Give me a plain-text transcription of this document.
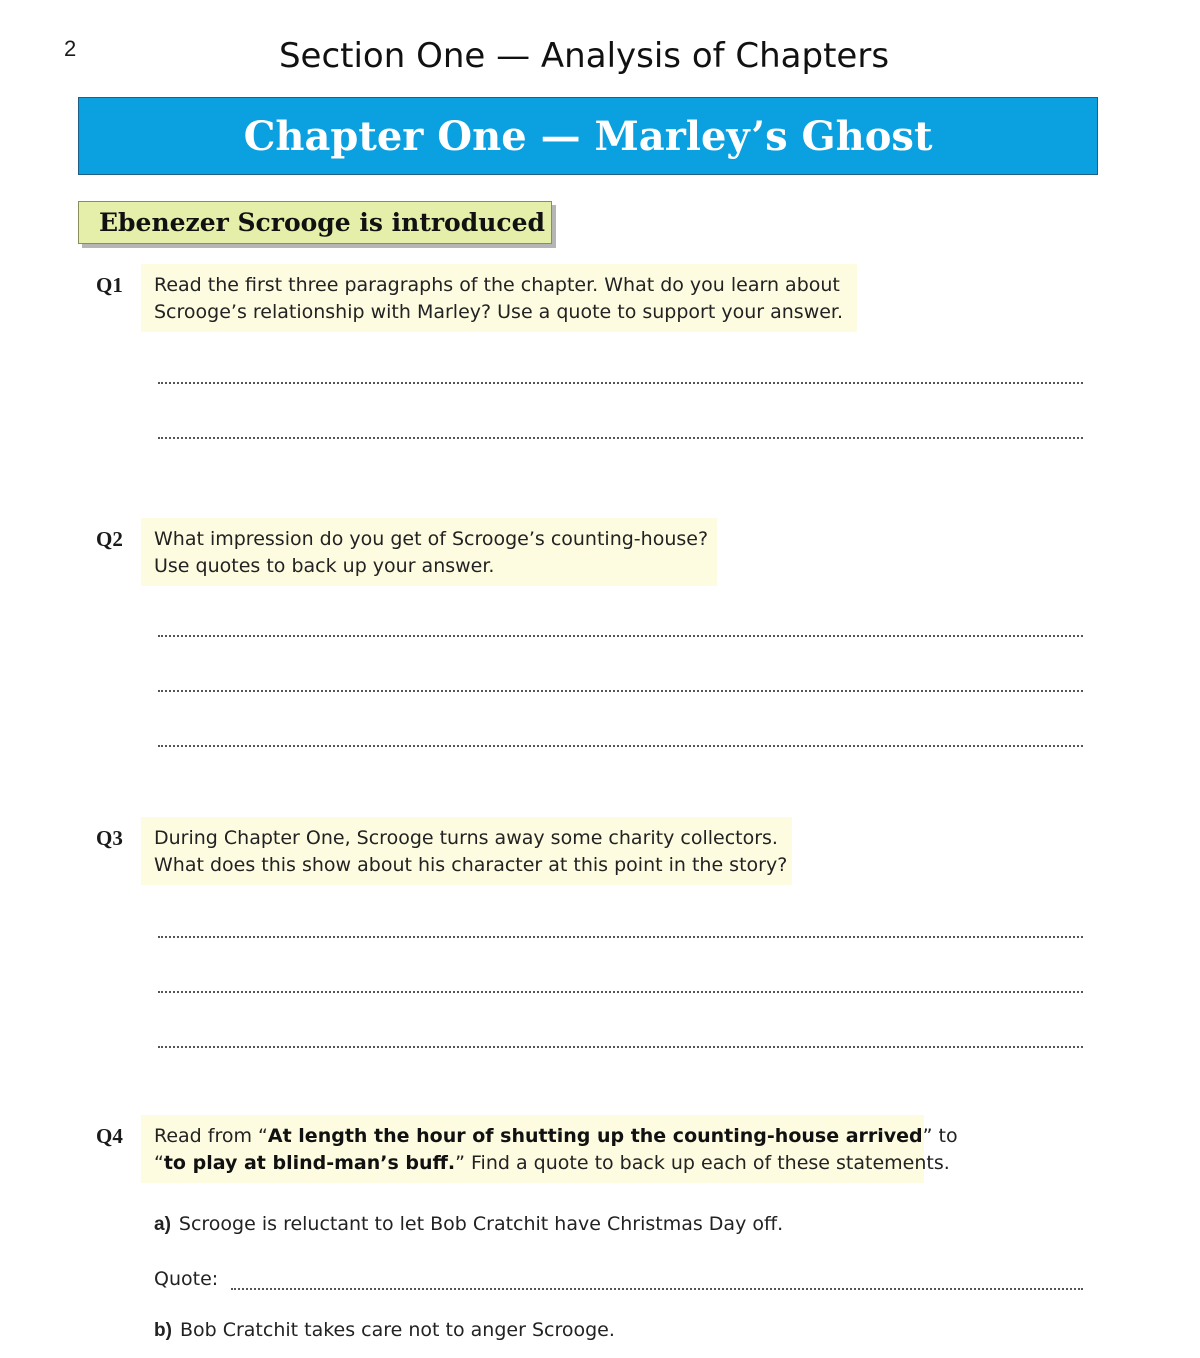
2	Section One — Analysis of Chapters
Chapter One — Marley’s Ghost
Ebenezer Scrooge is introduced
Q1 Read the first three paragraphs of the chapter. What do you learn about

Scrooge’s relationship with Marley? Use a quote to support your answer.

Q2 What impression do you get of Scrooge’s counting-house?

Use quotes to back up your answer.

Q3 During Chapter One, Scrooge turns away some charity collectors.

What does this show about his character at this point in the story?

Q4 Read from “At length the hour of shutting up the counting-house arrived” to

“to play at blind-man’s buff.” Find a quote to back up each of these statements.

a) Scrooge is reluctant to let Bob Cratchit have Christmas Day off.
Quote:
b) Bob Cratchit takes care not to anger Scrooge.
